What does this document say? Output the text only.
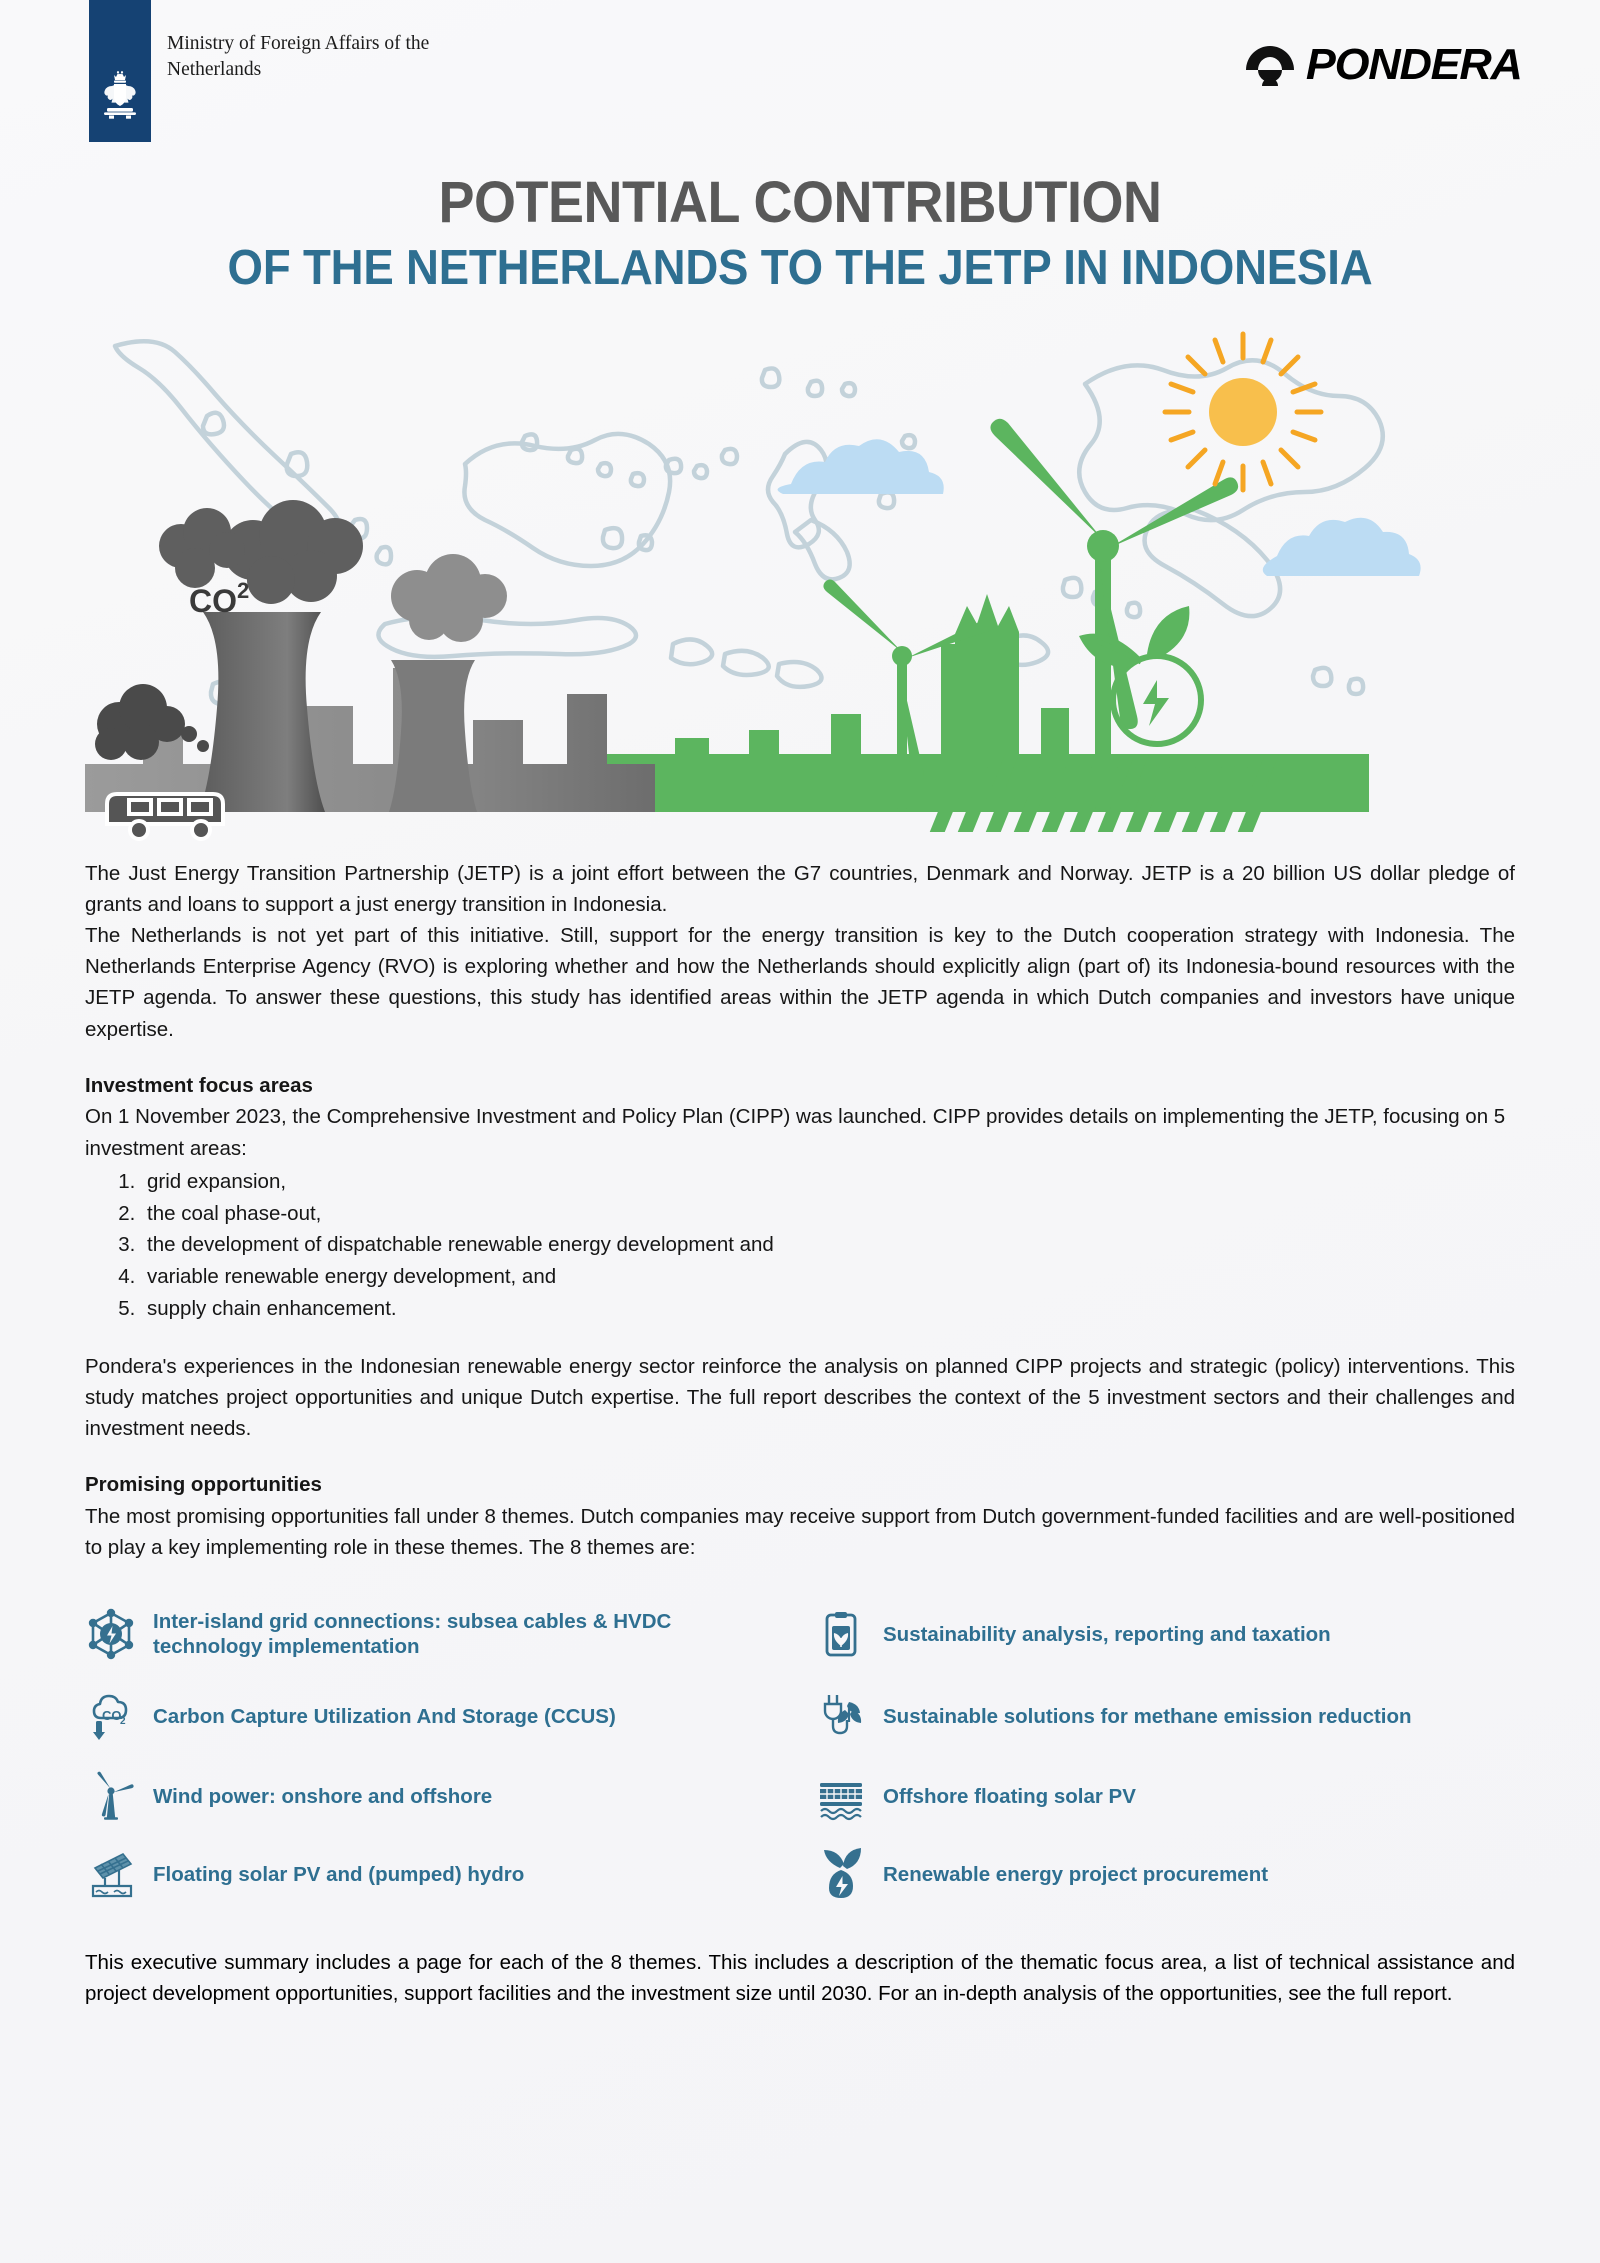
Ministry of Foreign Affairs of the
Netherlands	PONDERA
POTENTIAL CONTRIBUTION
OF THE NETHERLANDS TO THE JETP IN INDONESIA
$CO^2$

The Just Energy Transition Partnership (JETP) is a joint effort between the G7 countries, Denmark and Norway. JETP is a 20 billion US dollar pledge of grants and loans to support a just energy transition in Indonesia.

The Netherlands is not yet part of this initiative. Still, support for the energy transition is key to the Dutch cooperation strategy with Indonesia. The Netherlands Enterprise Agency (RVO) is exploring whether and how the Netherlands should explicitly align (part of) its Indonesia-bound resources with the JETP agenda. To answer these questions, this study has identified areas within the JETP agenda in which Dutch companies and investors have unique expertise.

Investment focus areas

On 1 November 2023, the Comprehensive Investment and Policy Plan (CIPP) was launched. CIPP provides details on implementing the JETP, focusing on 5 investment areas:

1. grid expansion,
2. the coal phase-out,
3. the development of dispatchable renewable energy development and
4. variable renewable energy development, and
5. supply chain enhancement.

Pondera's experiences in the Indonesian renewable energy sector reinforce the analysis on planned CIPP projects and strategic (policy) interventions. This study matches project opportunities and unique Dutch expertise. The full report describes the context of the 5 investment sectors and their challenges and investment needs.

Promising opportunities

The most promising opportunities fall under 8 themes. Dutch companies may receive support from Dutch government-funded facilities and are well-positioned to play a key implementing role in these themes. The 8 themes are:

Inter-island grid connections: subsea cables & HVDC technology implementation
CO
2 Carbon Capture Utilization And Storage (CCUS)
Wind power: onshore and offshore
Floating solar PV and (pumped) hydro
Sustainability analysis, reporting and taxation
Sustainable solutions for methane emission reduction
Offshore floating solar PV
Renewable energy project procurement

This executive summary includes a page for each of the 8 themes. This includes a description of the thematic focus area, a list of technical assistance and project development opportunities, support facilities and the investment size until 2030. For an in-depth analysis of the opportunities, see the full report.
